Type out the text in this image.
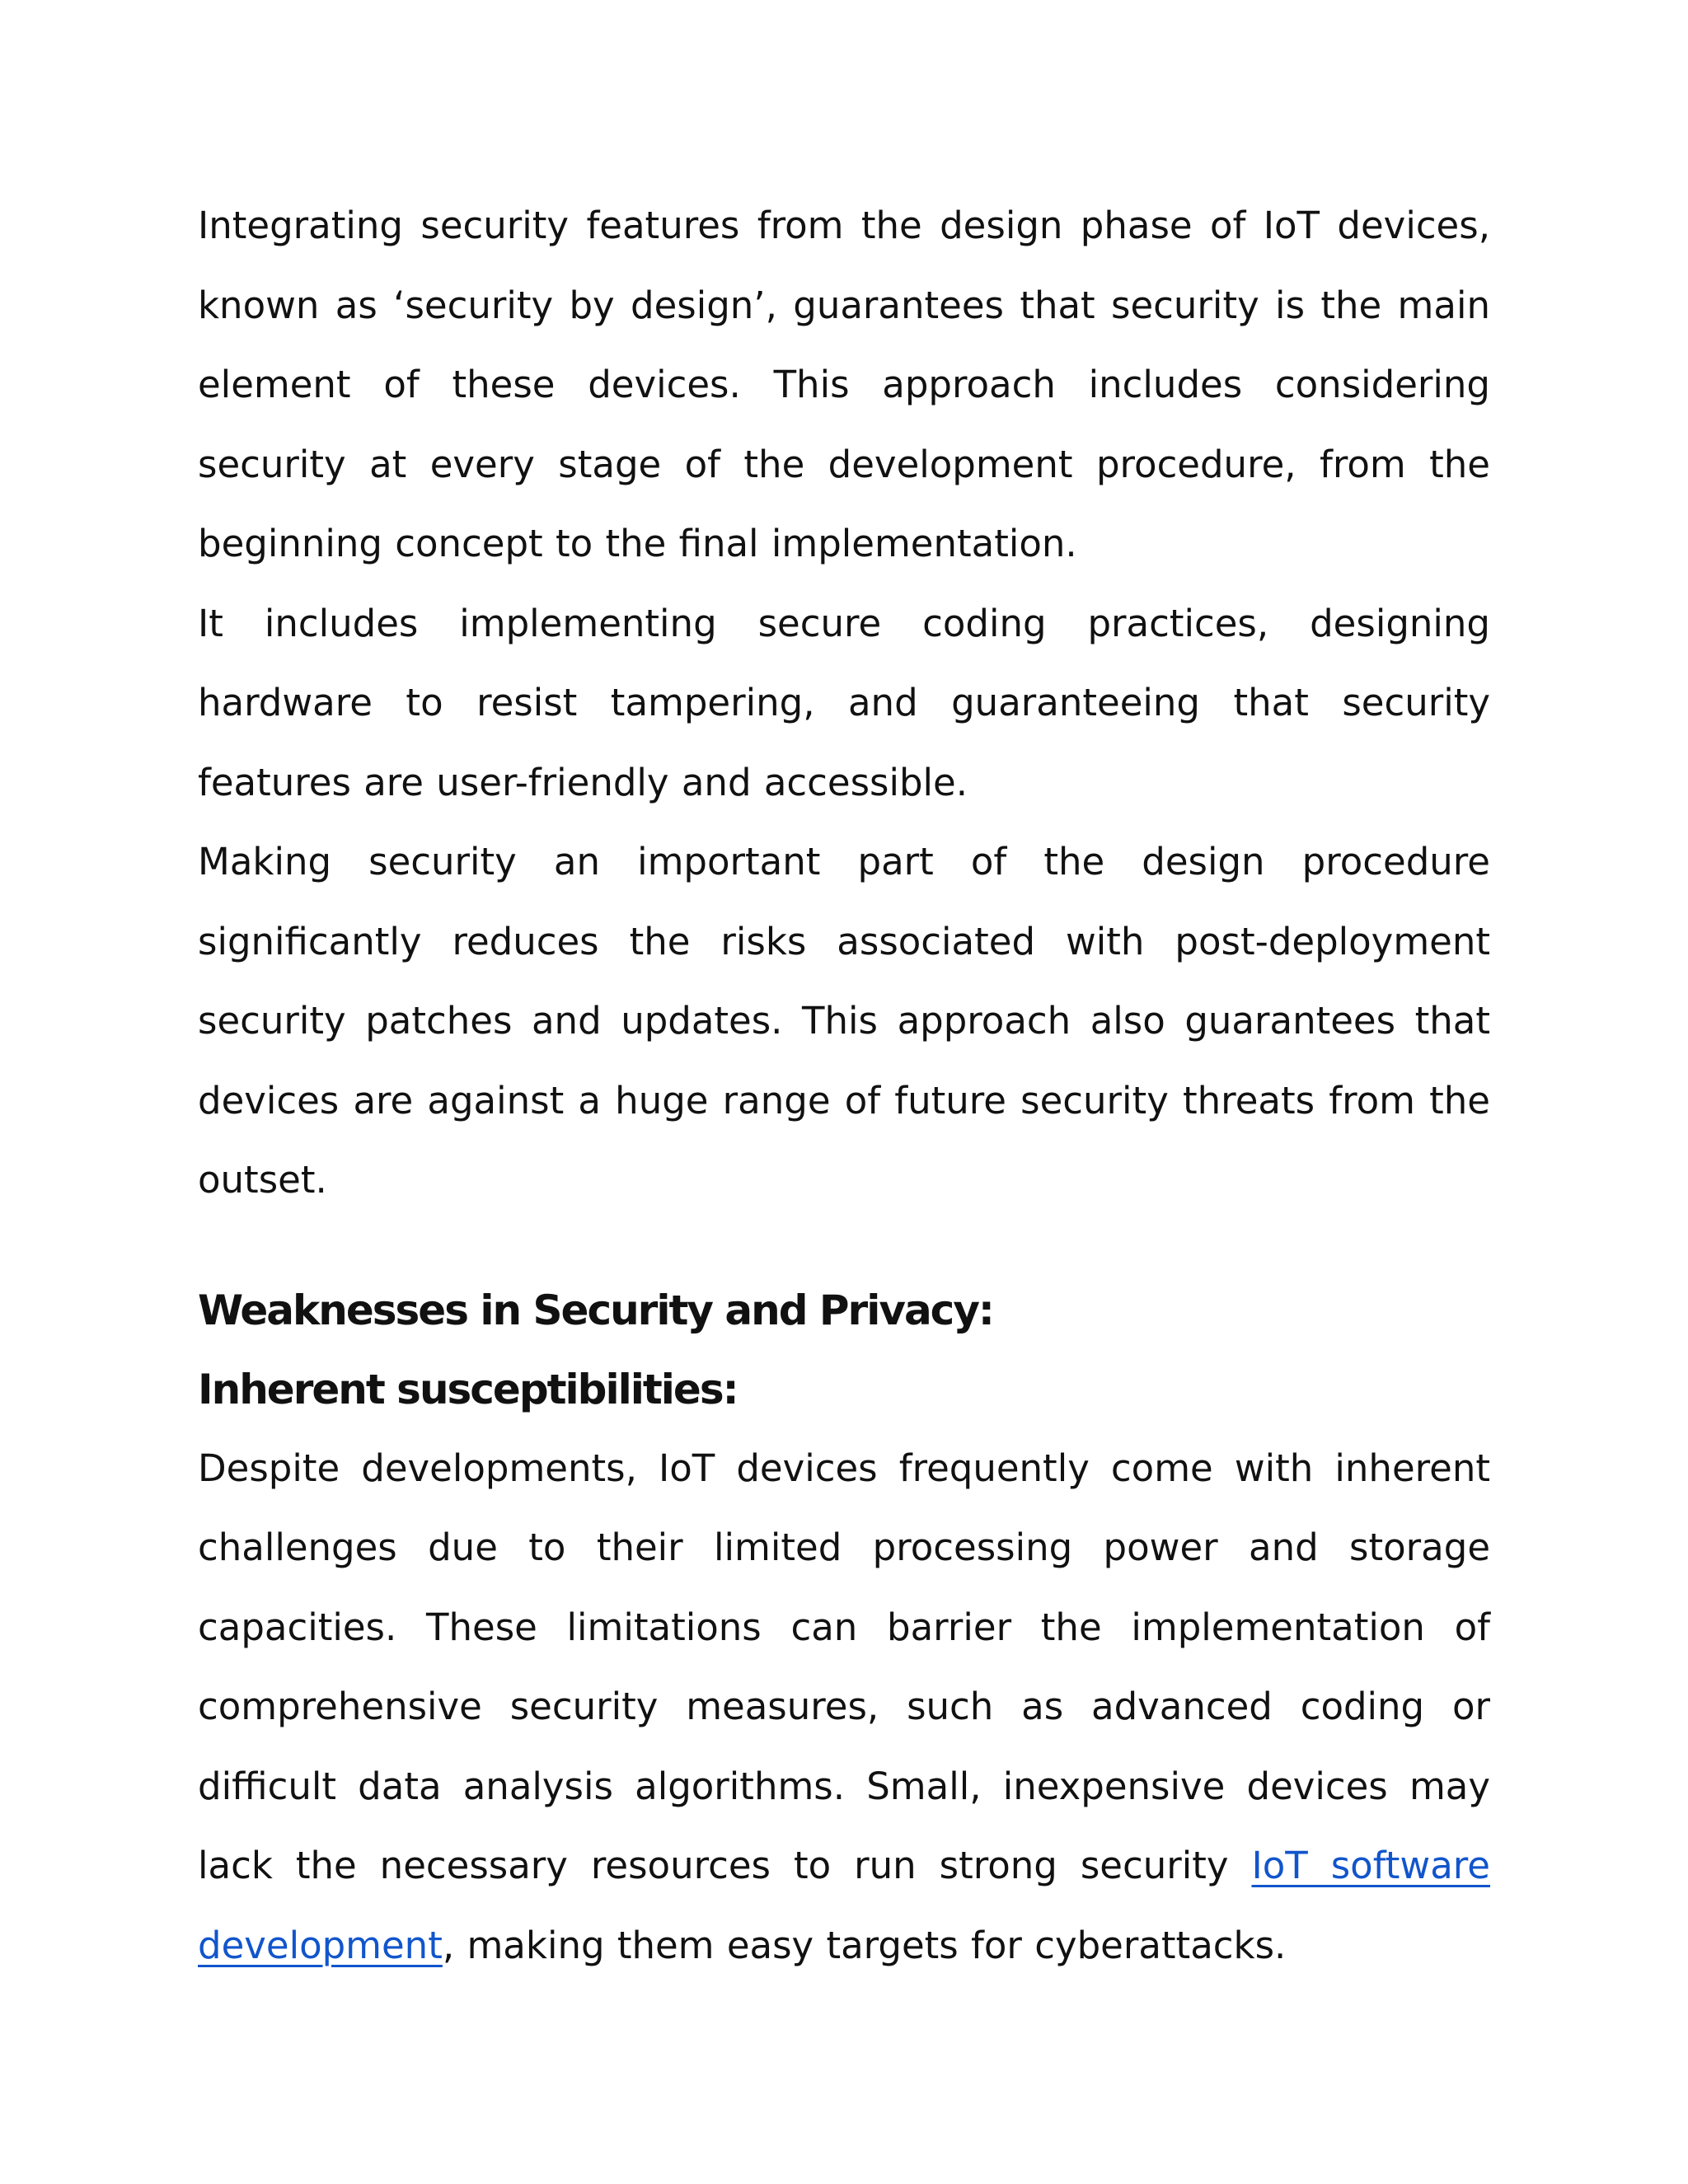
Integrating security features from the design phase of IoT devices, known as ‘security by design’, guarantees that security is the main element of these devices. This approach includes considering security at every stage of the development procedure, from the beginning concept to the final implementation.

It includes implementing secure coding practices, designing hardware to resist tampering, and guaranteeing that security features are user-friendly and accessible.

Making security an important part of the design procedure significantly reduces the risks associated with post-deployment security patches and updates. This approach also guarantees that devices are against a huge range of future security threats from the outset.

Weaknesses in Security and Privacy:
Inherent susceptibilities:

Despite developments, IoT devices frequently come with inherent challenges due to their limited processing power and storage capacities. These limitations can barrier the implementation of comprehensive security measures, such as advanced coding or difficult data analysis algorithms. Small, inexpensive devices may lack the necessary resources to run strong security IoT software development, making them easy targets for cyberattacks.
